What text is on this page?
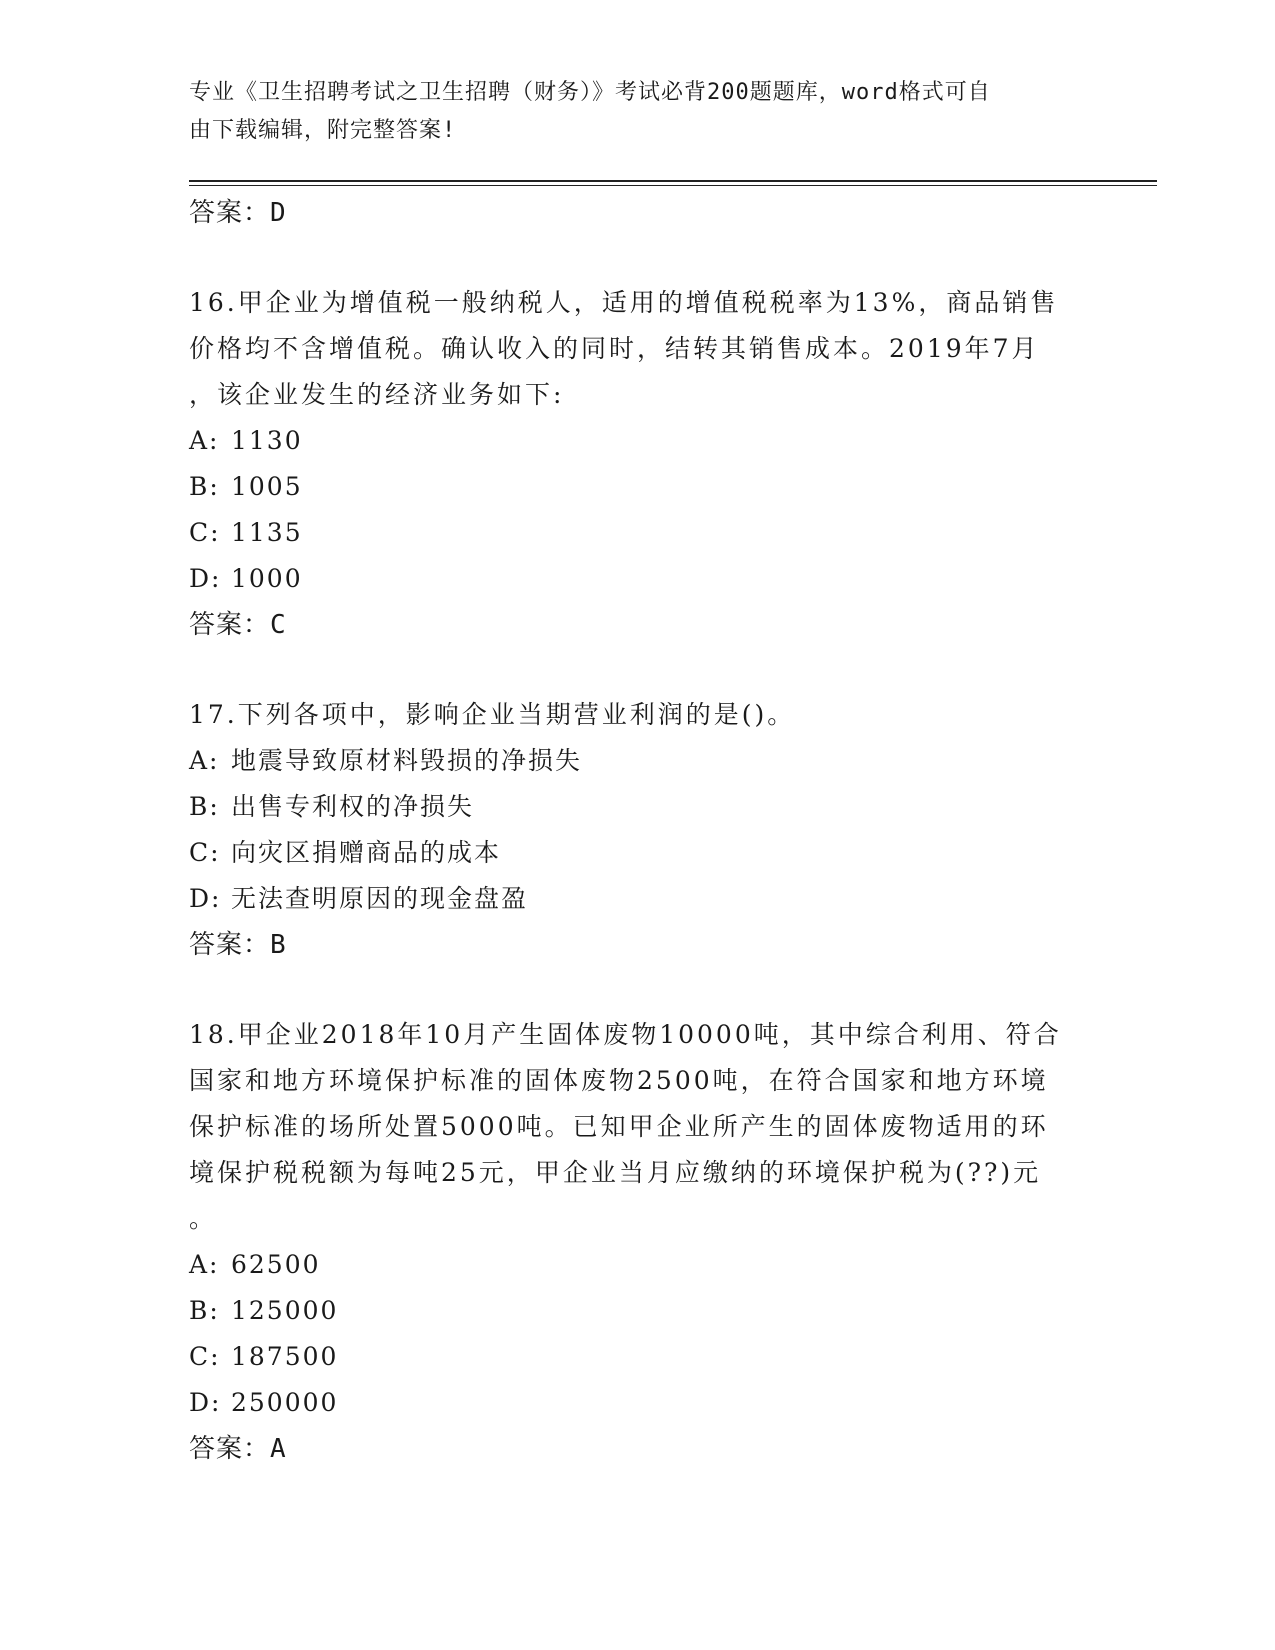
专业《卫生招聘考试之卫生招聘（财务）》考试必背200题题库，word格式可自
由下载编辑，附完整答案!
答案：D
16.甲企业为增值税一般纳税人，适用的增值税税率为13%，商品销售
价格均不含增值税。确认收入的同时，结转其销售成本。2019年7月
，该企业发生的经济业务如下:
A: 1130
B: 1005
C: 1135
D: 1000
答案：C
17.下列各项中，影响企业当期营业利润的是()。
A: 地震导致原材料毁损的净损失
B: 出售专利权的净损失
C: 向灾区捐赠商品的成本
D: 无法查明原因的现金盘盈
答案：B
18.甲企业2018年10月产生固体废物10000吨，其中综合利用、符合
国家和地方环境保护标准的固体废物2500吨，在符合国家和地方环境
保护标准的场所处置5000吨。已知甲企业所产生的固体废物适用的环
境保护税税额为每吨25元，甲企业当月应缴纳的环境保护税为(??)元
。
A: 62500
B: 125000
C: 187500
D: 250000
答案：A
